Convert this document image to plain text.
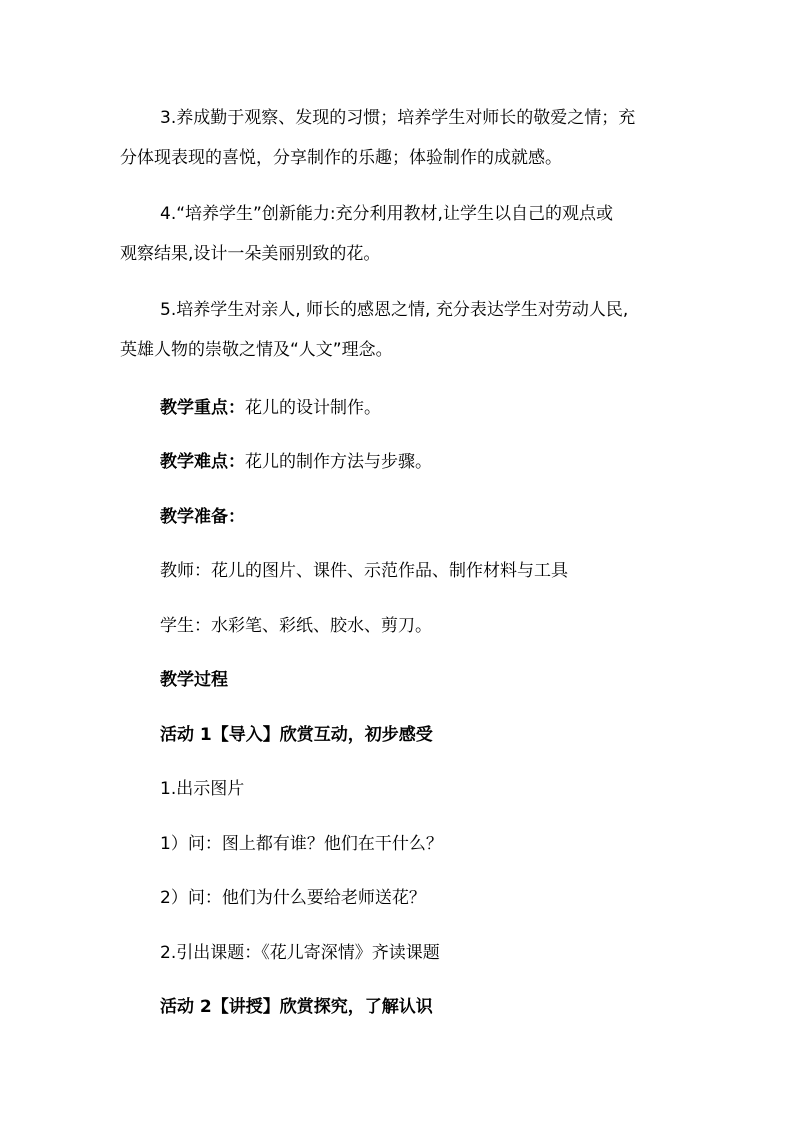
3.养成勤于观察、发现的习惯；培养学生对师长的敬爱之情；充

分体现表现的喜悦，分享制作的乐趣；体验制作的成就感。

4.“培养学生”创新能力:充分利用教材,让学生以自己的观点或

观察结果,设计一朵美丽别致的花。

5.培养学生对亲人, 师长的感恩之情, 充分表达学生对劳动人民,

英雄人物的崇敬之情及“人文”理念。

教学重点：花儿的设计制作。

教学难点：花儿的制作方法与步骤。

教学准备：

教师：花儿的图片、课件、示范作品、制作材料与工具

学生：水彩笔、彩纸、胶水、剪刀。

教学过程

活动 1【导入】欣赏互动，初步感受

1.出示图片

1）问：图上都有谁？他们在干什么？

2）问：他们为什么要给老师送花？

2.引出课题：《花儿寄深情》齐读课题

活动 2【讲授】欣赏探究，了解认识
